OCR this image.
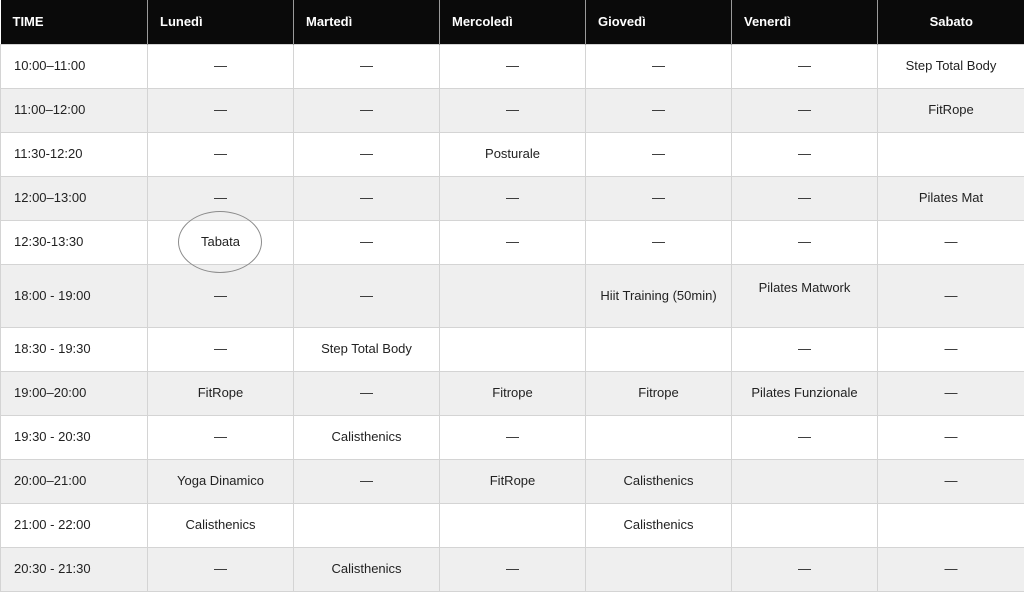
TIME	Lunedì	Martedì	Mercoledì	Giovedì	Venerdì	Sabato
10:00–11:00	—	—	—	—	—	Step Total Body
11:00–12:00	—	—	—	—	—	FitRope
11:30-12:20	—	—	Posturale	—	—	
12:00–13:00	—	—	—	—	—	Pilates Mat
12:30-13:30	Tabata	—	—	—	—	—
18:00 - 19:00	—	—		Hiit Training (50min)	Pilates Matwork	—
18:30 - 19:30	—	Step Total Body			—	—
19:00–20:00	FitRope	—	Fitrope	Fitrope	Pilates Funzionale	—
19:30 - 20:30	—	Calisthenics	—		—	—
20:00–21:00	Yoga Dinamico	—	FitRope	Calisthenics		—
21:00 - 22:00	Calisthenics			Calisthenics		
20:30 - 21:30	—	Calisthenics	—		—	—
